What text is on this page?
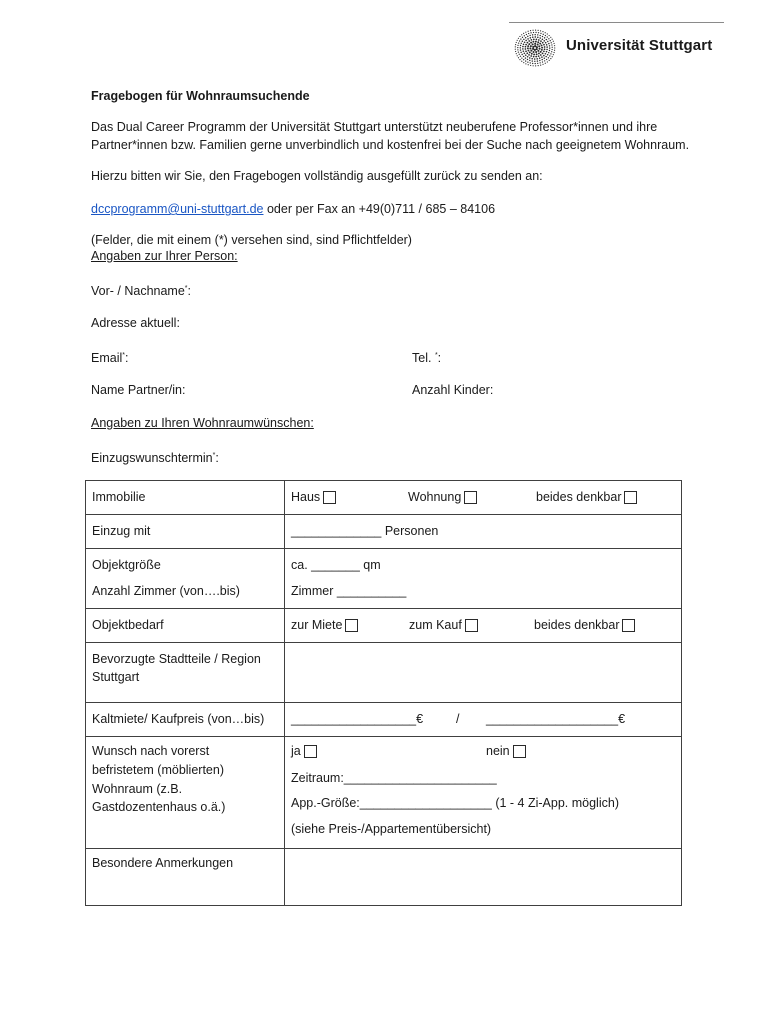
Universität Stuttgart
Fragebogen für Wohnraumsuchende
Das Dual Career Programm der Universität Stuttgart unterstützt neuberufene Professor*innen und ihre
Partner*innen bzw. Familien gerne unverbindlich und kostenfrei bei der Suche nach geeignetem Wohnraum.
Hierzu bitten wir Sie, den Fragebogen vollständig ausgefüllt zurück zu senden an:
dccprogramm@uni-stuttgart.de oder per Fax an +49(0)711 / 685 – 84106
(Felder, die mit einem (*) versehen sind, sind Pflichtfelder)
Angaben zur Ihrer Person:
Vor- / Nachname*:
Adresse aktuell:
Email*:	Tel. *:
Name Partner/in:	Anzahl Kinder:
Angaben zu Ihren Wohnraumwünschen:
Einzugswunschtermin*:
Immobilie	Haus Wohnung beides denkbar

Einzug mit	_____________ Personen

Objektgröße
Anzahl Zimmer (von….bis)	ca. _______ qm
Zimmer __________

Objektbedarf	zur Miete zum Kauf beides denkbar

Bevorzugte Stadtteile / Region
Stuttgart	

Kaltmiete/ Kaufpreis (von…bis)	__________________€ / ___________________€

Wunsch nach vorerst
befristetem (möblierten)
Wohnraum (z.B.
Gastdozentenhaus o.ä.)	ja nein
Zeitraum:______________________
App.-Größe:___________________ (1 - 4 Zi-App. möglich)
(siehe Preis-/Appartementübersicht)

Besondere Anmerkungen	
